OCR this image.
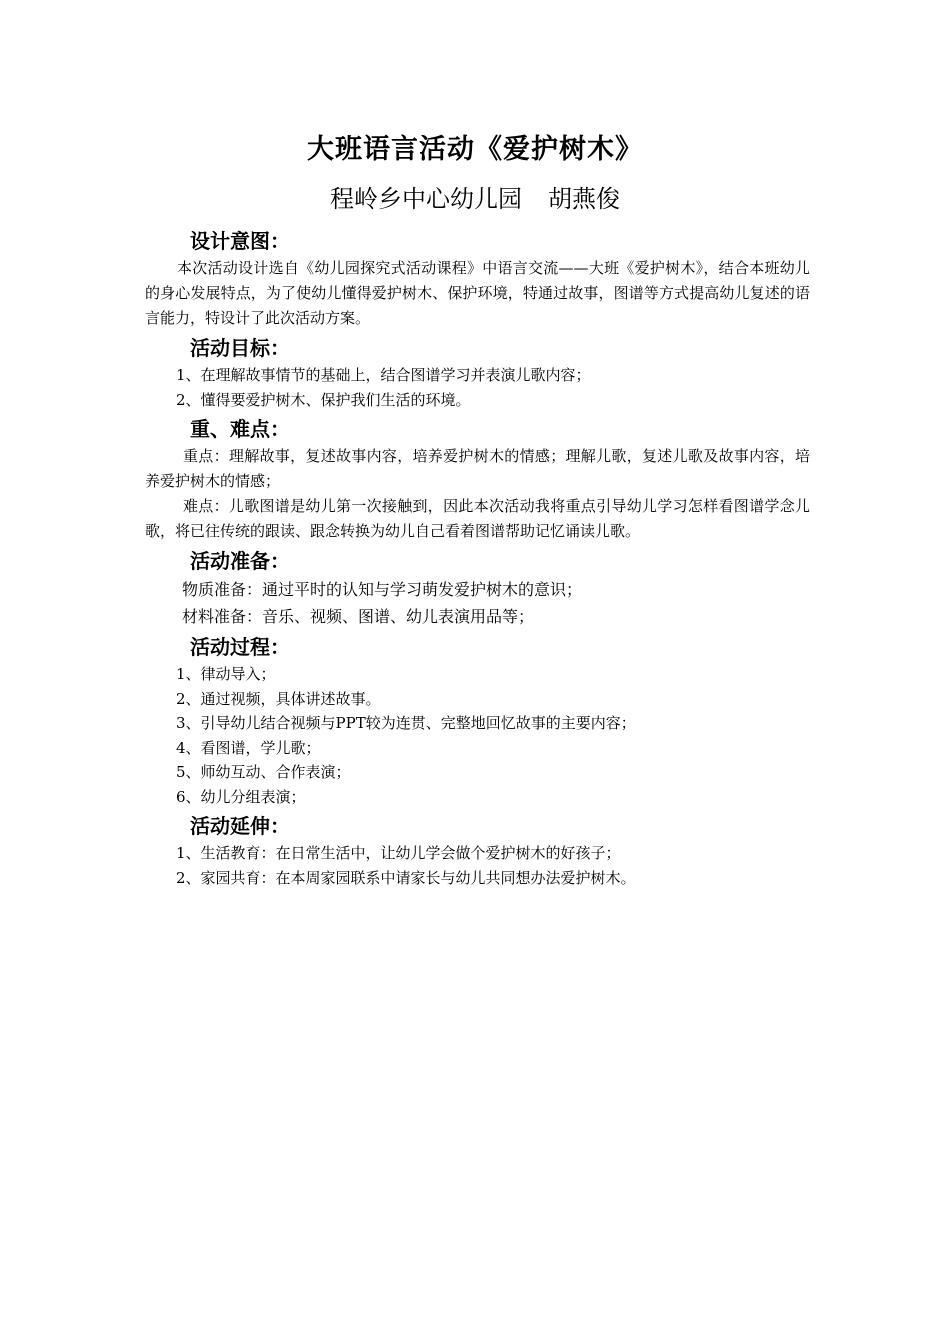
大班语言活动《爱护树木》
程岭乡中心幼儿园 胡燕俊
设计意图：

本次活动设计选自《幼儿园探究式活动课程》中语言交流——大班《爱护树木》，结合本班幼儿的身心发展特点，为了使幼儿懂得爱护树木、保护环境，特通过故事，图谱等方式提高幼儿复述的语言能力，特设计了此次活动方案。

活动目标：
1、在理解故事情节的基础上，结合图谱学习并表演儿歌内容；
2、懂得要爱护树木、保护我们生活的环境。
重、难点：

重点：理解故事，复述故事内容，培养爱护树木的情感；理解儿歌，复述儿歌及故事内容，培养爱护树木的情感；

难点：儿歌图谱是幼儿第一次接触到，因此本次活动我将重点引导幼儿学习怎样看图谱学念儿歌，将已往传统的跟读、跟念转换为幼儿自己看着图谱帮助记忆诵读儿歌。

活动准备：
物质准备：通过平时的认知与学习萌发爱护树木的意识；
材料准备：音乐、视频、图谱、幼儿表演用品等；
活动过程：
1、律动导入；
2、通过视频，具体讲述故事。
3、引导幼儿结合视频与PPT较为连贯、完整地回忆故事的主要内容；
4、看图谱，学儿歌；
5、师幼互动、合作表演；
6、幼儿分组表演；
活动延伸：
1、生活教育：在日常生活中，让幼儿学会做个爱护树木的好孩子；
2、家园共育：在本周家园联系中请家长与幼儿共同想办法爱护树木。
